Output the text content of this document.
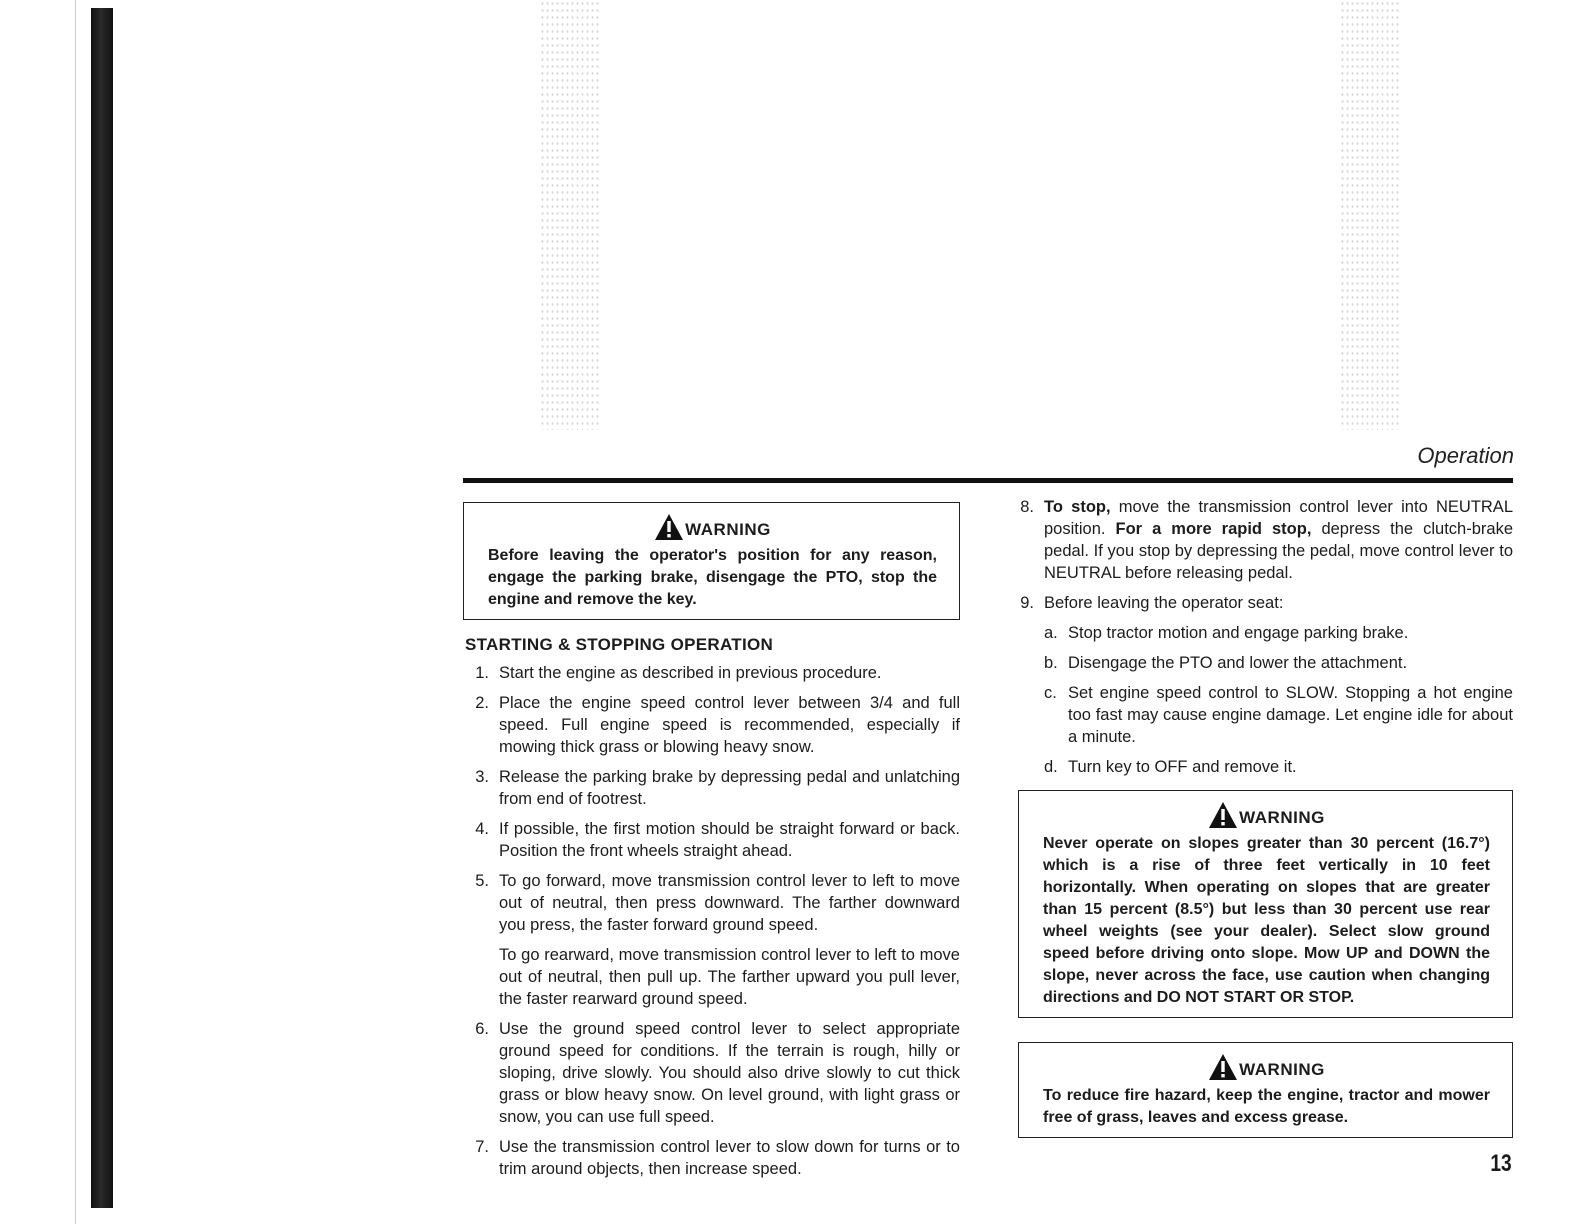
Operation
WARNING
Before leaving the operator's position for any reason, engage the parking brake, disengage the PTO, stop the engine and remove the key.
STARTING & STOPPING OPERATION
1. Start the engine as described in previous procedure.
2. Place the engine speed control lever between 3/4 and full speed. Full engine speed is recommended, especially if mowing thick grass or blowing heavy snow.
3. Release the parking brake by depressing pedal and unlatching from end of footrest.
4. If possible, the first motion should be straight forward or back. Position the front wheels straight ahead.
5. To go forward, move transmission control lever to left to move out of neutral, then press downward. The farther downward you press, the faster forward ground speed.

To go rearward, move transmission control lever to left to move out of neutral, then pull up. The farther upward you pull lever, the faster rearward ground speed.

6. Use the ground speed control lever to select appropriate ground speed for conditions. If the terrain is rough, hilly or sloping, drive slowly. You should also drive slowly to cut thick grass or blow heavy snow. On level ground, with light grass or snow, you can use full speed.
7. Use the transmission control lever to slow down for turns or to trim around objects, then increase speed.
8. To stop, move the transmission control lever into NEUTRAL position. For a more rapid stop, depress the clutch-brake pedal. If you stop by depressing the pedal, move control lever to NEUTRAL before releasing pedal.
9. Before leaving the operator seat:
a. Stop tractor motion and engage parking brake.
b. Disengage the PTO and lower the attachment.
c. Set engine speed control to SLOW. Stopping a hot engine too fast may cause engine damage. Let engine idle for about a minute.
d. Turn key to OFF and remove it.
WARNING
Never operate on slopes greater than 30 percent (16.7°) which is a rise of three feet vertically in 10 feet horizontally. When operating on slopes that are greater than 15 percent (8.5°) but less than 30 percent use rear wheel weights (see your dealer). Select slow ground speed before driving onto slope. Mow UP and DOWN the slope, never across the face, use caution when changing directions and DO NOT START OR STOP.
WARNING
To reduce fire hazard, keep the engine, tractor and mower free of grass, leaves and excess grease.
13
